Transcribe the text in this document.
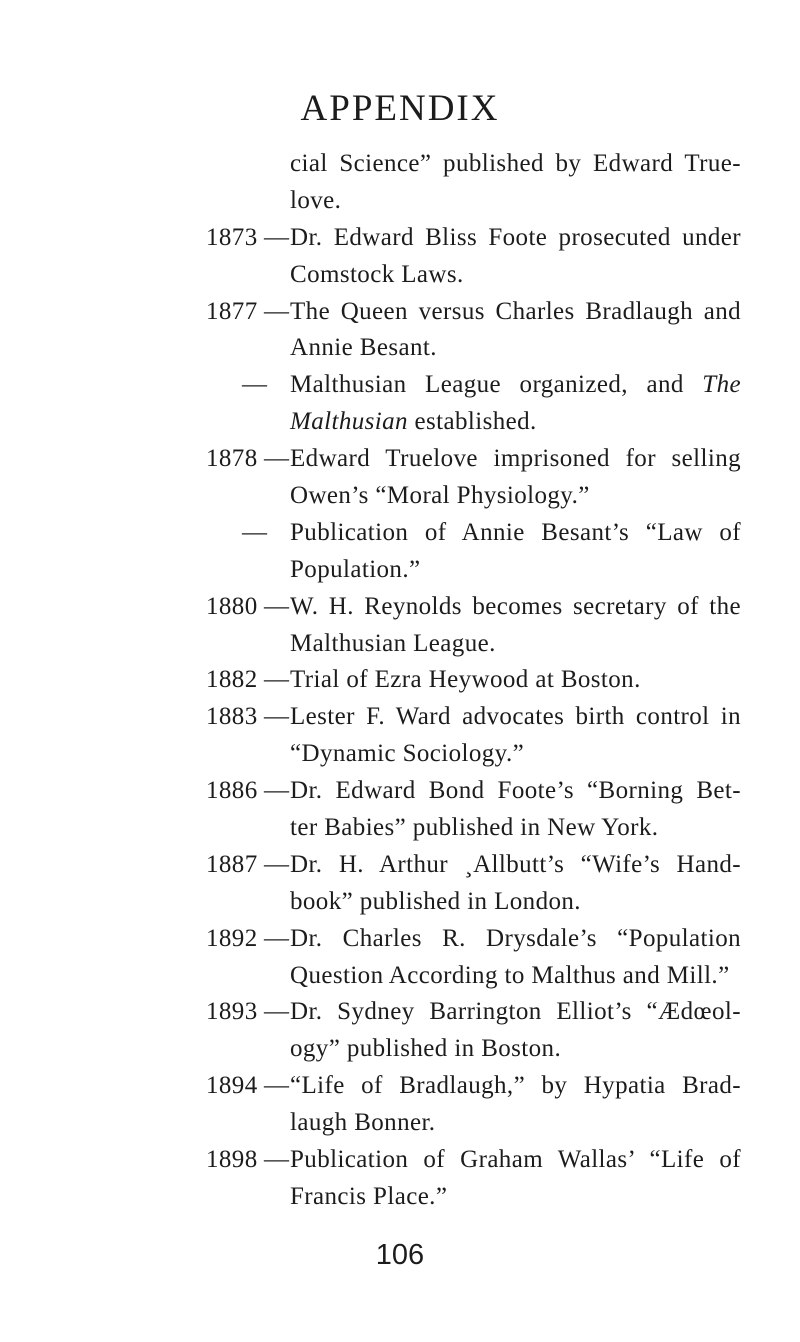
APPENDIX
cial Science” published by Edward True-
love.
1873 — Dr. Edward Bliss Foote prosecuted under
Comstock Laws.
1877 — The Queen versus Charles Bradlaugh and
Annie Besant.
— Malthusian League organized, and The
Malthusian established.
1878 — Edward Truelove imprisoned for selling
Owen’s “Moral Physiology.”
— Publication of Annie Besant’s “Law of
Population.”
1880 — W. H. Reynolds becomes secretary of the
Malthusian League.
1882 — Trial of Ezra Heywood at Boston.
1883 — Lester F. Ward advocates birth control in
“Dynamic Sociology.”
1886 — Dr. Edward Bond Foote’s “Borning Bet-
ter Babies” published in New York.
1887 — Dr. H. Arthur ¸Allbutt’s “Wife’s Hand-
book” published in London.
1892 — Dr. Charles R. Drysdale’s “Population
Question According to Malthus and Mill.”
1893 — Dr. Sydney Barrington Elliot’s “Ædœol-
ogy” published in Boston.
1894 — “Life of Bradlaugh,” by Hypatia Brad-
laugh Bonner.
1898 — Publication of Graham Wallas’ “Life of
Francis Place.”
106
